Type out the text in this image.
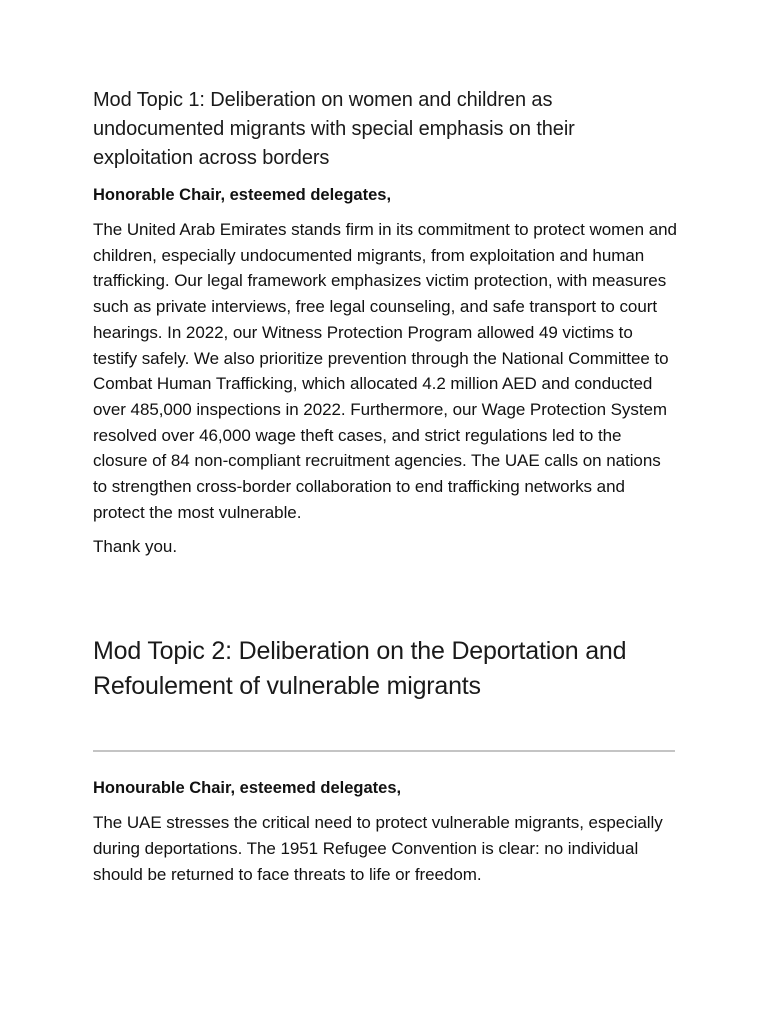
Mod Topic 1: Deliberation on women and children as undocumented migrants with special emphasis on their exploitation across borders

Honorable Chair, esteemed delegates,

The United Arab Emirates stands firm in its commitment to protect women and children, especially undocumented migrants, from exploitation and human trafficking. Our legal framework emphasizes victim protection, with measures such as private interviews, free legal counseling, and safe transport to court hearings. In 2022, our Witness Protection Program allowed 49 victims to testify safely. We also prioritize prevention through the National Committee to Combat Human Trafficking, which allocated 4.2 million AED and conducted over 485,000 inspections in 2022. Furthermore, our Wage Protection System resolved over 46,000 wage theft cases, and strict regulations led to the closure of 84 non-compliant recruitment agencies. The UAE calls on nations to strengthen cross-border collaboration to end trafficking networks and protect the most vulnerable.

Thank you.

Mod Topic 2: Deliberation on the Deportation and Refoulement of vulnerable migrants

Honourable Chair, esteemed delegates,

The UAE stresses the critical need to protect vulnerable migrants, especially during deportations. The 1951 Refugee Convention is clear: no individual should be returned to face threats to life or freedom.
